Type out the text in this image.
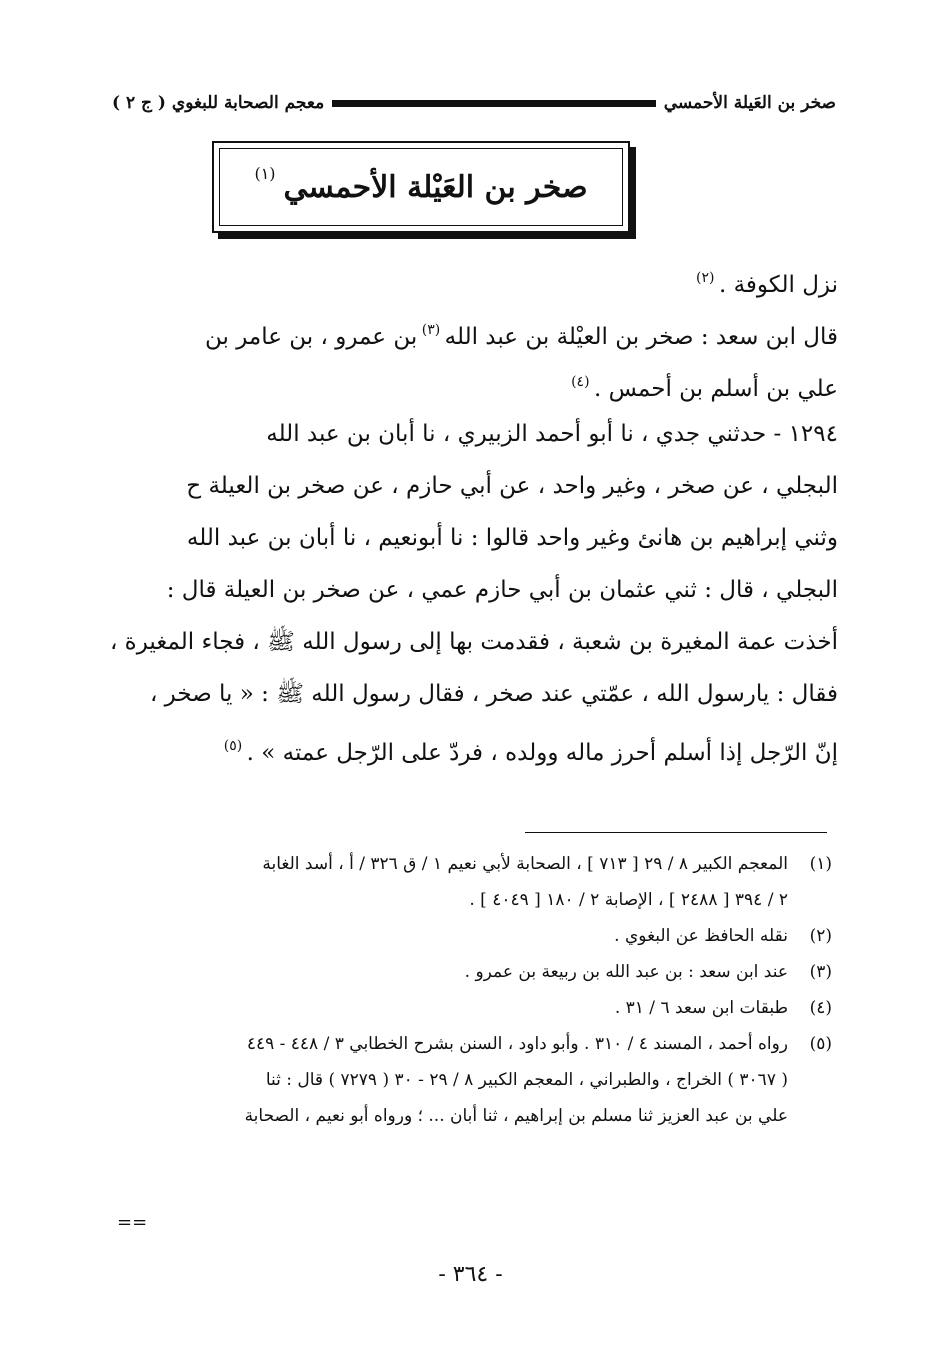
معجم الصحابة للبغوي ( ج ٢ )	صخر بن العَيلة الأحمسي
صخر بن العَيْلة الأحمسي
(١)
نزل الكوفة . $^{(٢)}$
قال ابن سعد : صخر بن العيْلة بن عبد الله $^{(٣)}$ بن عمرو ، بن عامر بن
علي بن أسلم بن أحمس . $^{(٤)}$
١٢٩٤ - حدثني جدي ، نا أبو أحمد الزبيري ، نا أبان بن عبد الله
البجلي ، عن صخر ، وغير واحد ، عن أبي حازم ، عن صخر بن العيلة ح
وثني إبراهيم بن هانئ وغير واحد قالوا : نا أبونعيم ، نا أبان بن عبد الله
البجلي ، قال : ثني عثمان بن أبي حازم عمي ، عن صخر بن العيلة قال :
أخذت عمة المغيرة بن شعبة ، فقدمت بها إلى رسول الله ﷺ ، فجاء المغيرة ،
فقال : يارسول الله ، عمّتي عند صخر ، فقال رسول الله ﷺ : « يا صخر ،
إنّ الرّجل إذا أسلم أحرز ماله وولده ، فردّ على الرّجل عمته » . $^{(٥)}$
(١)
المعجم الكبير ٨ / ٢٩ [ ٧١٣ ] ، الصحابة لأبي نعيم ١ / ق ٣٢٦ / أ ، أسد الغابة
٢ / ٣٩٤ [ ٢٤٨٨ ] ، الإصابة ٢ / ١٨٠ [ ٤٠٤٩ ] .
(٢)
نقله الحافظ عن البغوي .
(٣)
عند ابن سعد : بن عبد الله بن ربيعة بن عمرو .
(٤)
طبقات ابن سعد ٦ / ٣١ .
(٥)
رواه أحمد ، المسند ٤ / ٣١٠ . وأبو داود ، السنن بشرح الخطابي ٣ / ٤٤٨ - ٤٤٩
( ٣٠٦٧ ) الخراج ، والطبراني ، المعجم الكبير ٨ / ٢٩ - ٣٠ ( ٧٢٧٩ ) قال : ثنا
علي بن عبد العزيز ثنا مسلم بن إبراهيم ، ثنا أبان ... ؛ ورواه أبو نعيم ، الصحابة
==
- ٣٦٤ -
